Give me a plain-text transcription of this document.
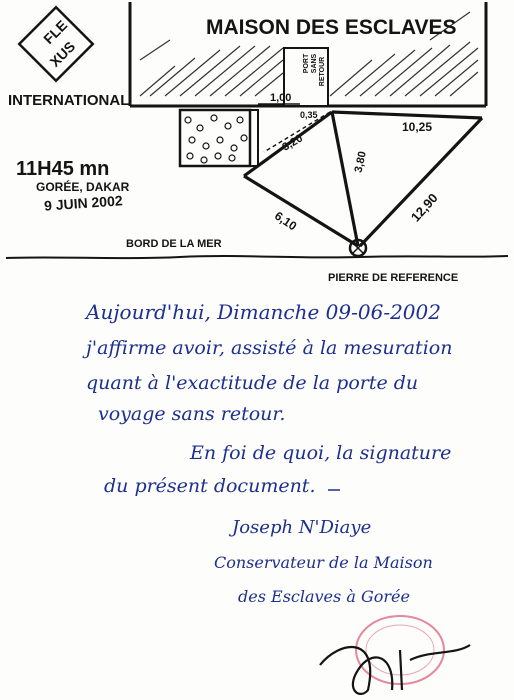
FLE
XUS
INTERNATIONAL
11H45 mn
GORÉE, DAKAR
9 JUIN 2002
MAISON DES ESCLAVES
PORT SANS RETOUR
1,00
0,35
3,20
10,25
3,80
6,10	12,90
BORD DE LA MER
PIERRE DE REFERENCE
Aujourd'hui, Dimanche 09-06-2002
j'affirme avoir, assisté à la mesuration
quant à l'exactitude de la porte du
voyage sans retour.
En foi de quoi, la signature
du présent document.
Joseph N'Diaye
Conservateur de la Maison
des Esclaves à Gorée
